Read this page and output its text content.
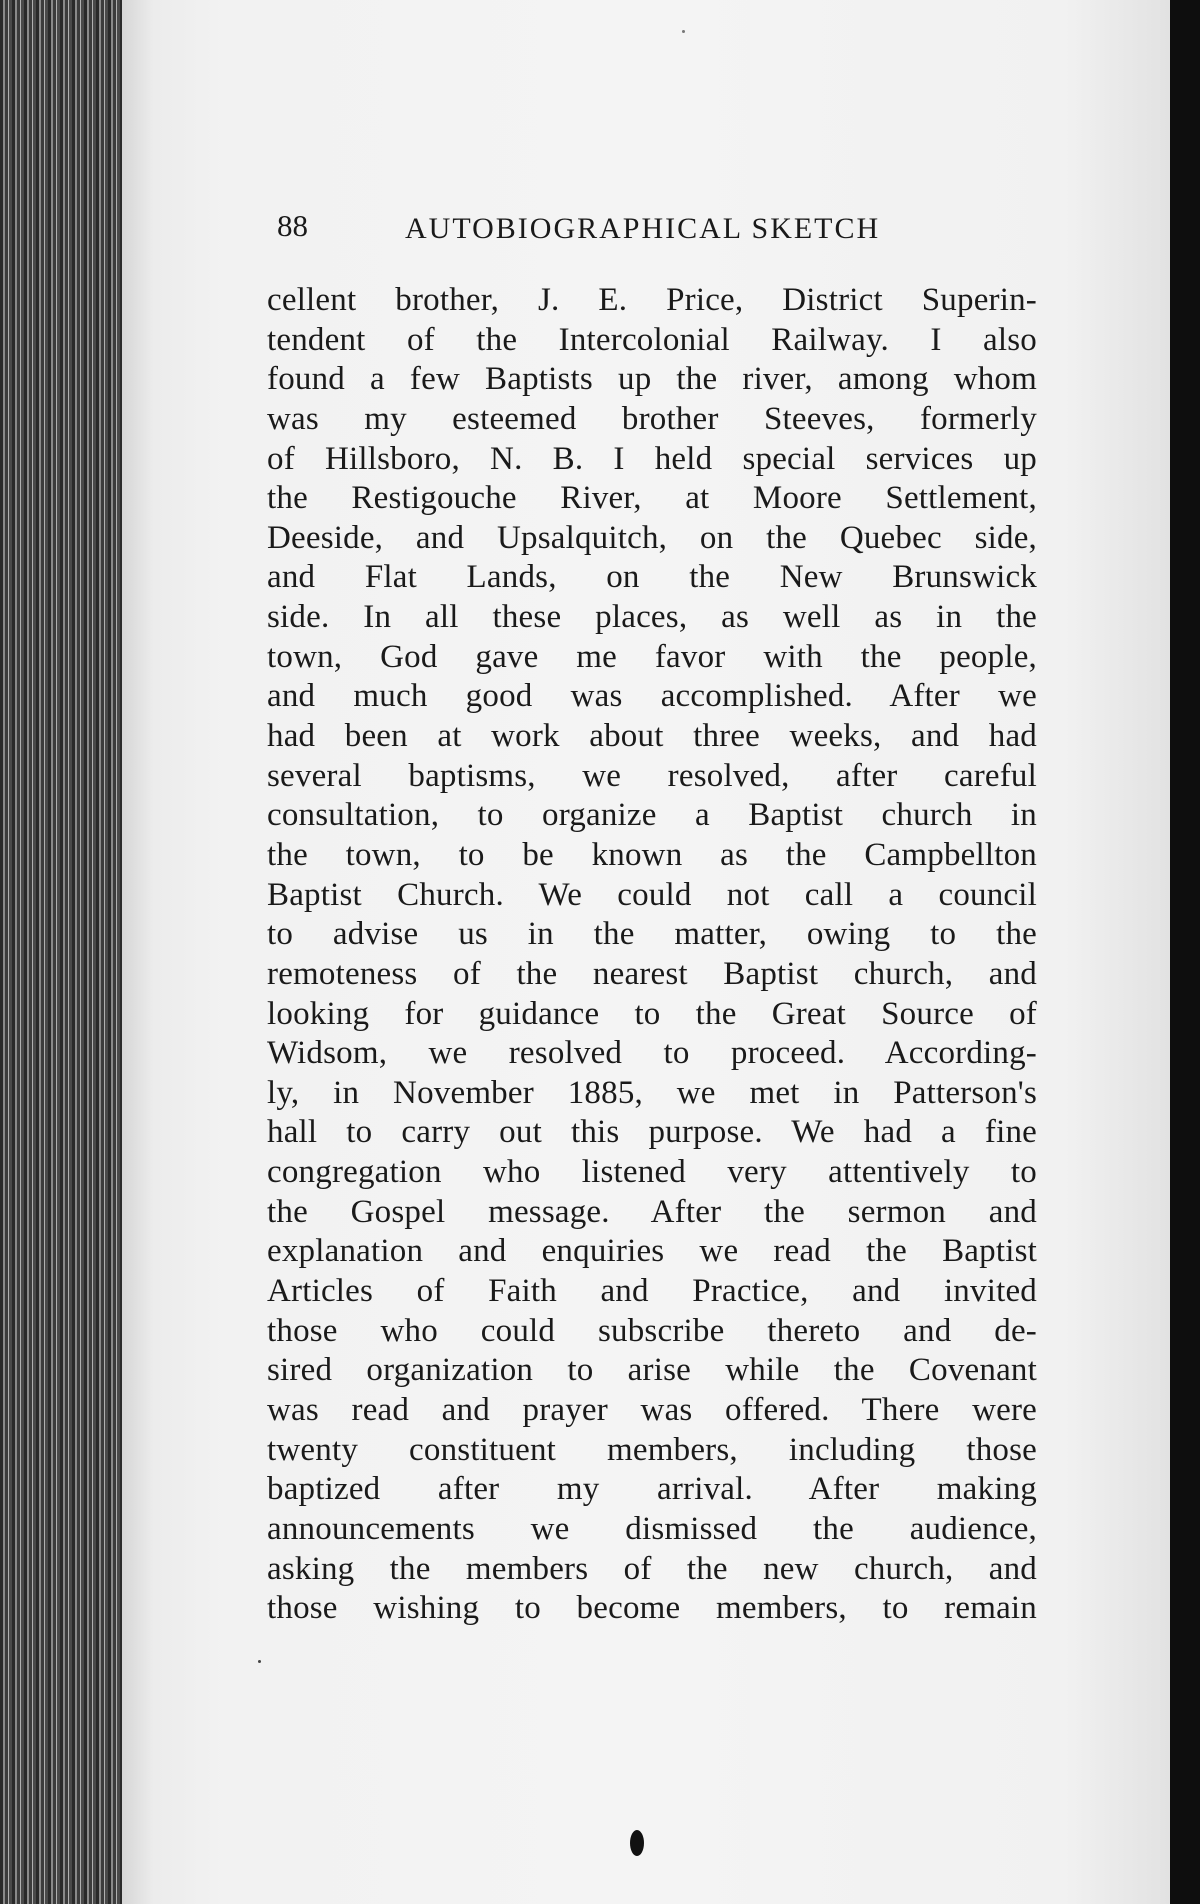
88	AUTOBIOGRAPHICAL SKETCH
cellent brother, J. E. Price, District Superin-
tendent of the Intercolonial Railway. I also
found a few Baptists up the river, among whom
was my esteemed brother Steeves, formerly
of Hillsboro, N. B. I held special services up
the Restigouche River, at Moore Settlement,
Deeside, and Upsalquitch, on the Quebec side,
and Flat Lands, on the New Brunswick
side. In all these places, as well as in the
town, God gave me favor with the people,
and much good was accomplished. After we
had been at work about three weeks, and had
several baptisms, we resolved, after careful
consultation, to organize a Baptist church in
the town, to be known as the Campbellton
Baptist Church. We could not call a council
to advise us in the matter, owing to the
remoteness of the nearest Baptist church, and
looking for guidance to the Great Source of
Widsom, we resolved to proceed. According-
ly, in November 1885, we met in Patterson's
hall to carry out this purpose. We had a fine
congregation who listened very attentively to
the Gospel message. After the sermon and
explanation and enquiries we read the Baptist
Articles of Faith and Practice, and invited
those who could subscribe thereto and de-
sired organization to arise while the Covenant
was read and prayer was offered. There were
twenty constituent members, including those
baptized after my arrival. After making
announcements we dismissed the audience,
asking the members of the new church, and
those wishing to become members, to remain
